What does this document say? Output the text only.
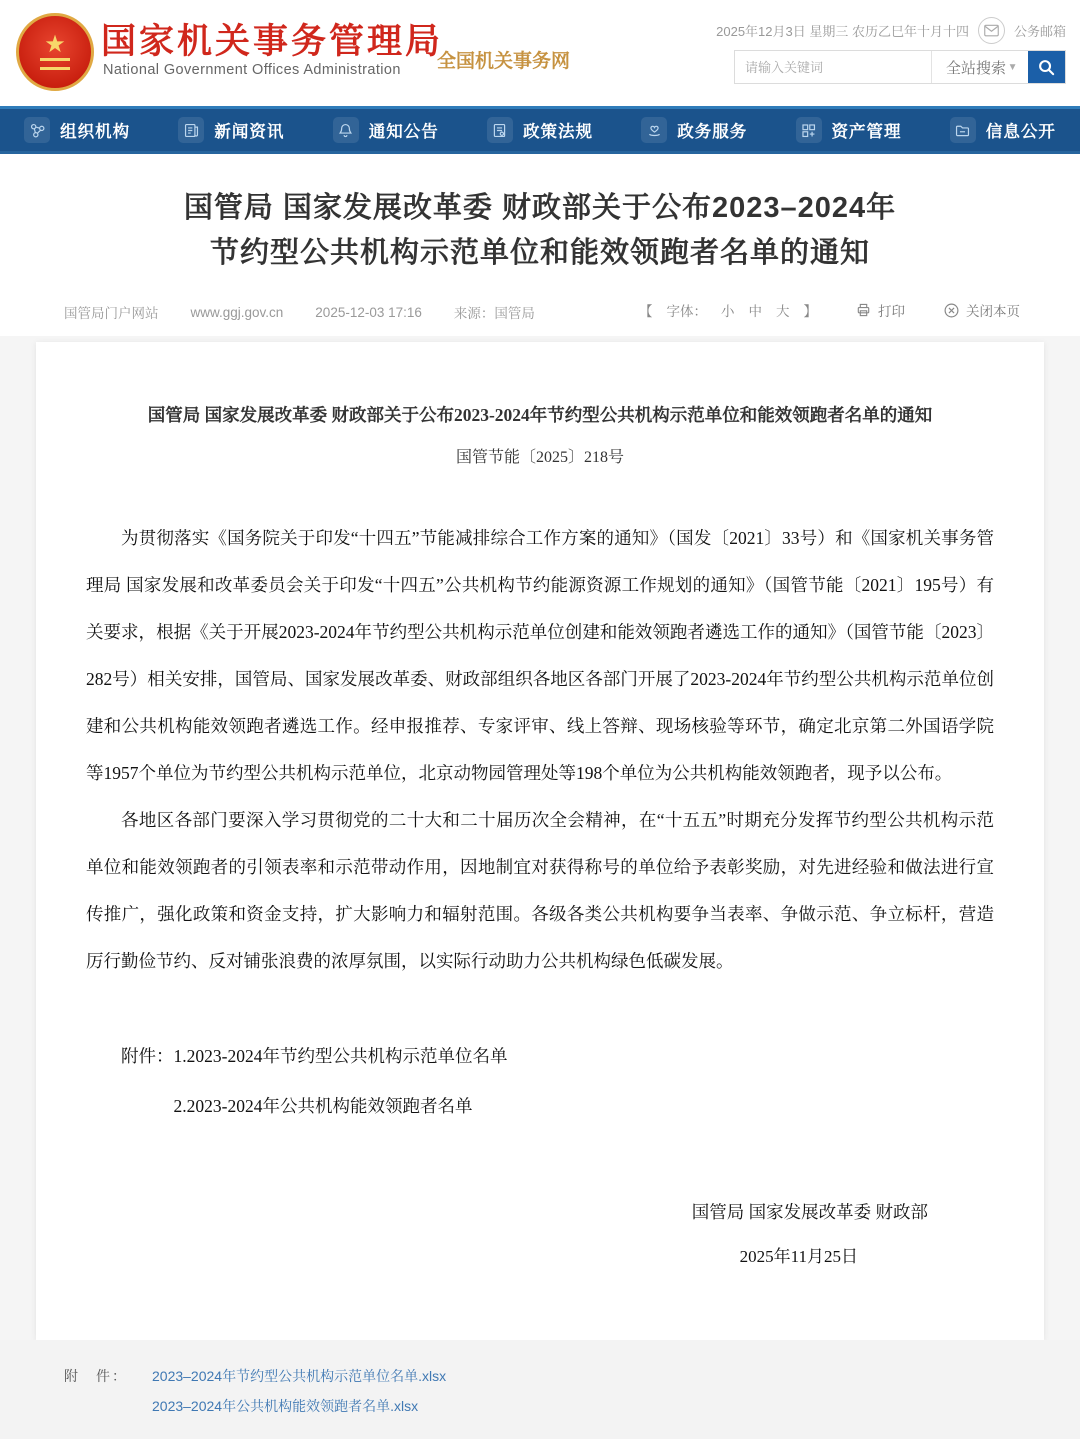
★ 国家机关事务管理局
National Government Offices Administration 全国机关事务网
2025年12月3日 星期三 农历乙巳年十月十四	公务邮箱
请输入关键词
全站搜索 ▼
组织机构	新闻资讯	通知公告	政策法规	政务服务	资产管理	信息公开
国管局 国家发展改革委 财政部关于公布2023–2024年
节约型公共机构示范单位和能效领跑者名单的通知
国管局门户网站 www.ggj.gov.cn 2025-12-03 17:16 来源：国管局	【 字体： 小 中 大 】	打印	关闭本页
国管局 国家发展改革委 财政部关于公布2023-2024年节约型公共机构示范单位和能效领跑者名单的通知
国管节能〔2025〕218号

为贯彻落实《国务院关于印发“十四五”节能减排综合工作方案的通知》（国发〔2021〕33号）和《国家机关事务管理局 国家发展和改革委员会关于印发“十四五”公共机构节约能源资源工作规划的通知》（国管节能〔2021〕195号）有关要求，根据《关于开展2023-2024年节约型公共机构示范单位创建和能效领跑者遴选工作的通知》（国管节能〔2023〕282号）相关安排，国管局、国家发展改革委、财政部组织各地区各部门开展了2023-2024年节约型公共机构示范单位创建和公共机构能效领跑者遴选工作。经申报推荐、专家评审、线上答辩、现场核验等环节，确定北京第二外国语学院等1957个单位为节约型公共机构示范单位，北京动物园管理处等198个单位为公共机构能效领跑者，现予以公布。

各地区各部门要深入学习贯彻党的二十大和二十届历次全会精神，在“十五五”时期充分发挥节约型公共机构示范单位和能效领跑者的引领表率和示范带动作用，因地制宜对获得称号的单位给予表彰奖励，对先进经验和做法进行宣传推广，强化政策和资金支持，扩大影响力和辐射范围。各级各类公共机构要争当表率、争做示范、争立标杆，营造厉行勤俭节约、反对铺张浪费的浓厚氛围，以实际行动助力公共机构绿色低碳发展。

附件：1.2023-2024年节约型公共机构示范单位名单
2.2023-2024年公共机构能效领跑者名单
国管局 国家发展改革委 财政部
2025年11月25日
附　件： 2023–2024年节约型公共机构示范单位名单.xlsx
2023–2024年公共机构能效领跑者名单.xlsx
